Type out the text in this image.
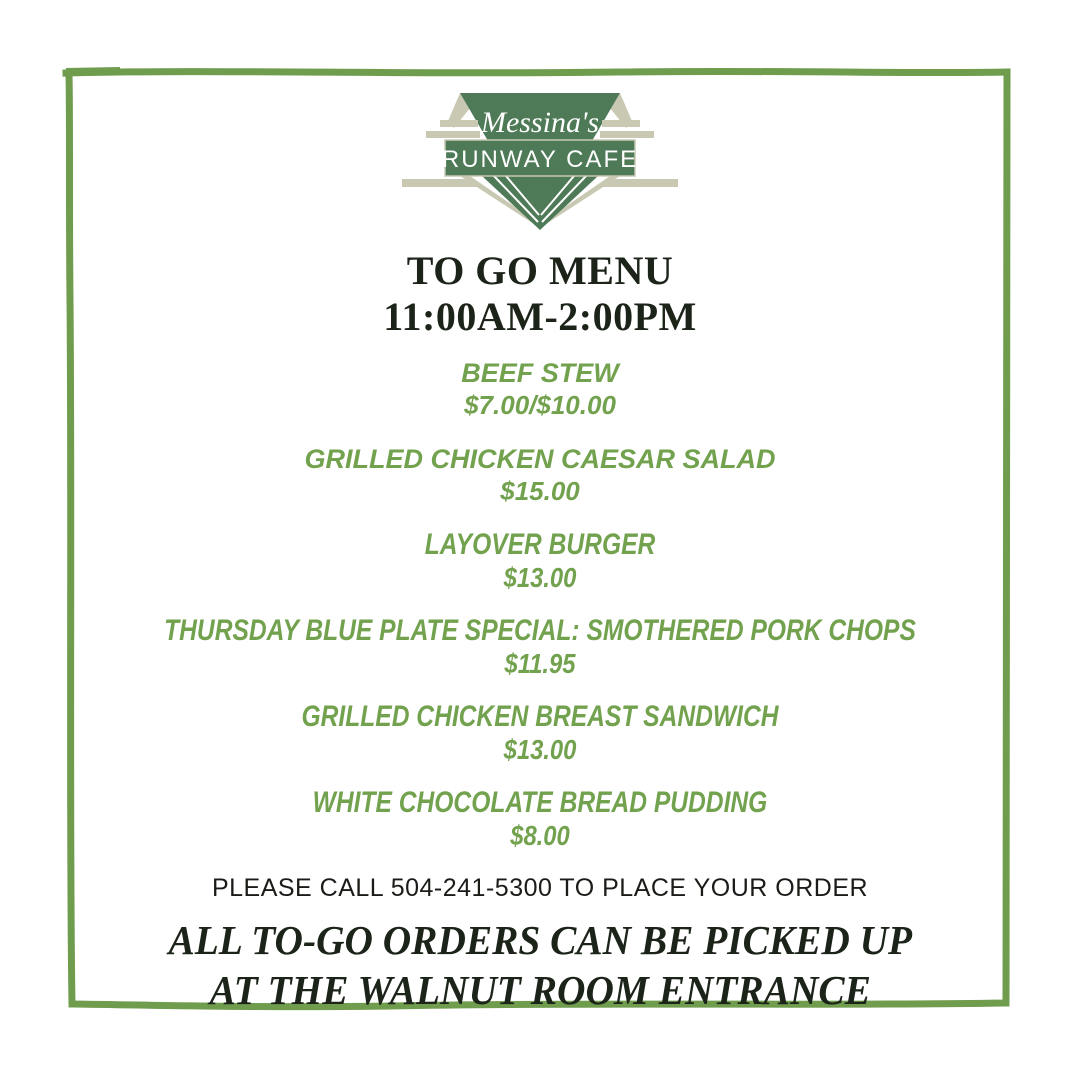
Messina's
RUNWAY CAFE
TO GO MENU
11:00AM-2:00PM
BEEF STEW
$7.00/$10.00
GRILLED CHICKEN CAESAR SALAD
$15.00
LAYOVER BURGER
$13.00
THURSDAY BLUE PLATE SPECIAL: SMOTHERED PORK CHOPS
$11.95
GRILLED CHICKEN BREAST SANDWICH
$13.00
WHITE CHOCOLATE BREAD PUDDING
$8.00
PLEASE CALL 504-241-5300 TO PLACE YOUR ORDER
ALL TO-GO ORDERS CAN BE PICKED UP
AT THE WALNUT ROOM ENTRANCE
